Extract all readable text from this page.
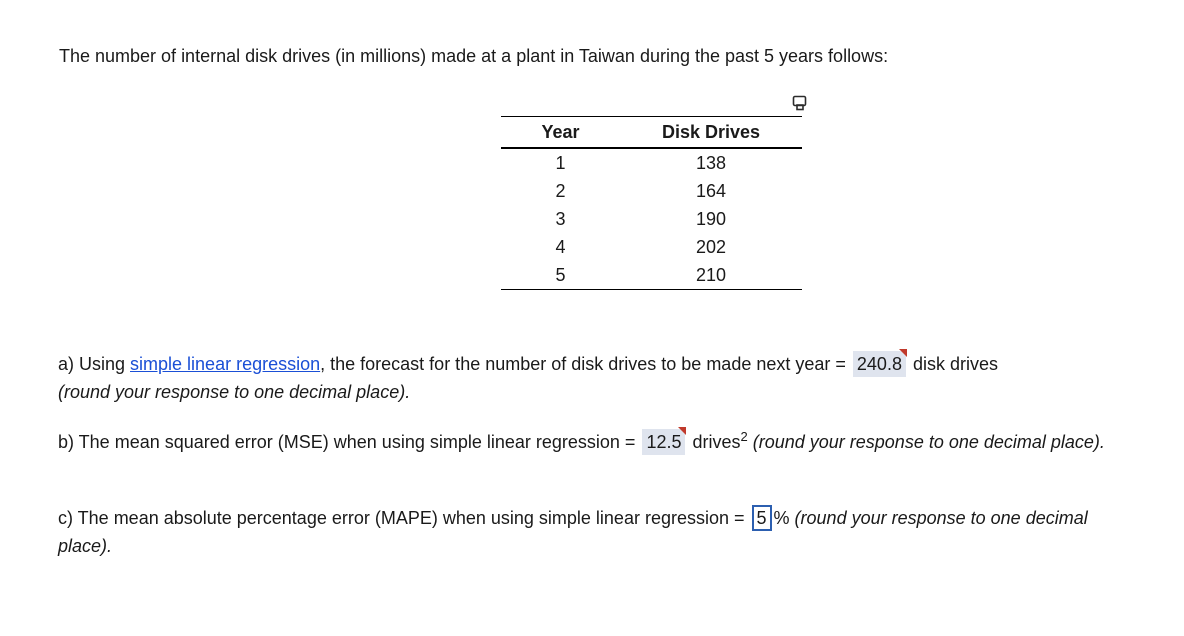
The number of internal disk drives (in millions) made at a plant in Taiwan during the past 5 years follows:

Year	Disk Drives
1	138
2	164
3	190
4	202
5	210

a) Using simple linear regression, the forecast for the number of disk drives to be made next year = 240.8
disk drives
(round your response to one decimal place).

b) The mean squared error (MSE) when using simple linear regression = 12.5
drives$^2$ (round your response to one decimal place).

c) The mean absolute percentage error (MAPE) when using simple linear regression = 5 % (round your response to one decimal place).
